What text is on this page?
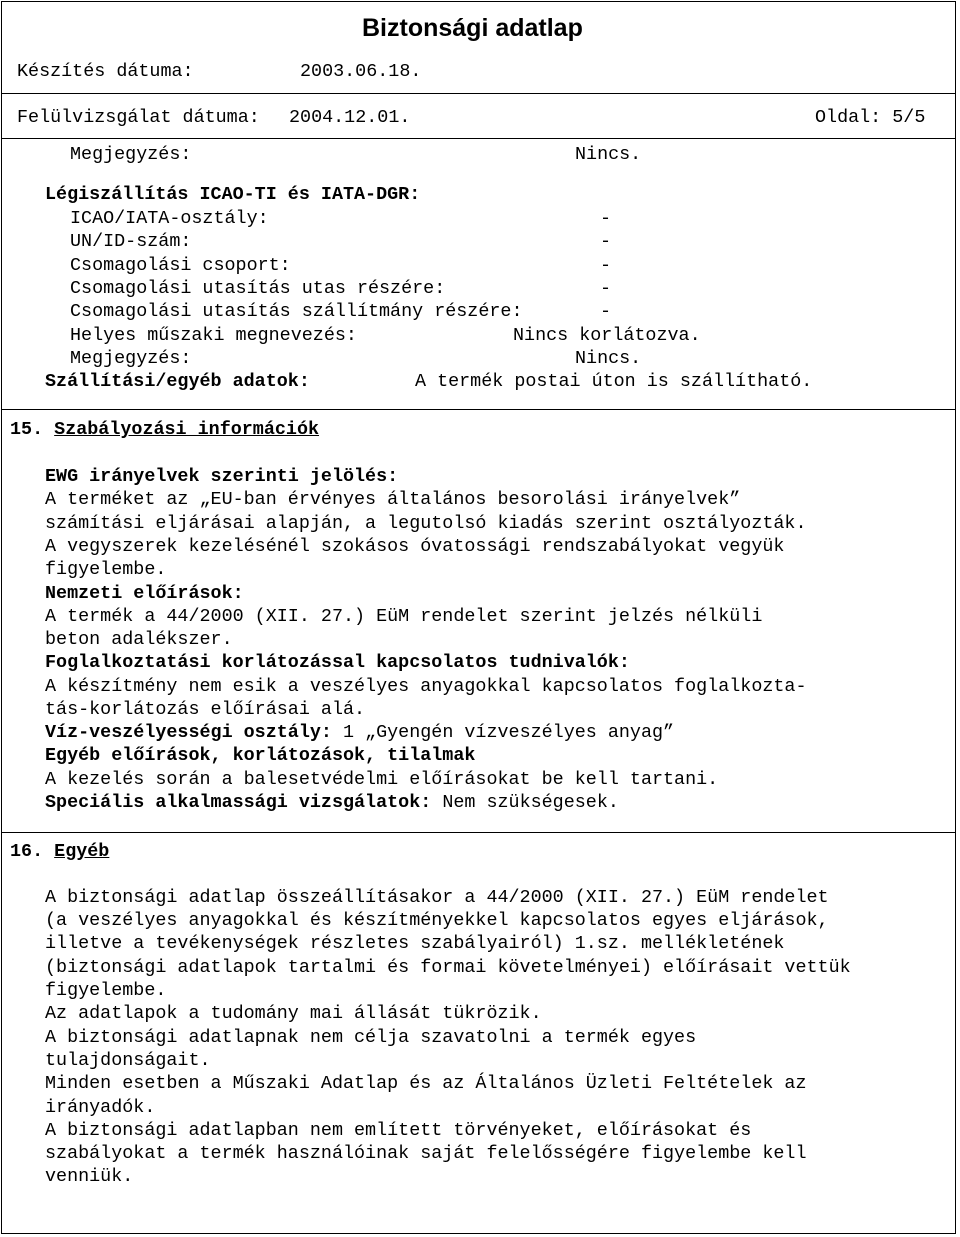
Biztonsági adatlap
Készítés dátuma:	2003.06.18.
Felülvizsgálat dátuma: 2004.12.01.	Oldal: 5/5
Megjegyzés:	Nincs.
Légiszállítás ICAO-TI és IATA-DGR:
ICAO/IATA-osztály:	-
UN/ID-szám:	-
Csomagolási csoport:	-
Csomagolási utasítás utas részére:	-
Csomagolási utasítás szállítmány részére:	-
Helyes műszaki megnevezés:	Nincs korlátozva.
Megjegyzés:	Nincs.
Szállítási/egyéb adatok:	A termék postai úton is szállítható.
15. Szabályozási információk
EWG irányelvek szerinti jelölés:
A terméket az „EU-ban érvényes általános besorolási irányelvek”
számítási eljárásai alapján, a legutolsó kiadás szerint osztályozták.
A vegyszerek kezelésénél szokásos óvatossági rendszabályokat vegyük
figyelembe.
Nemzeti előírások:
A termék a 44/2000 (XII. 27.) EüM rendelet szerint jelzés nélküli
beton adalékszer.
Foglalkoztatási korlátozással kapcsolatos tudnivalók:
A készítmény nem esik a veszélyes anyagokkal kapcsolatos foglalkozta-
tás-korlátozás előírásai alá.
Víz-veszélyességi osztály: 1 „Gyengén vízveszélyes anyag”
Egyéb előírások, korlátozások, tilalmak
A kezelés során a balesetvédelmi előírásokat be kell tartani.
Speciális alkalmassági vizsgálatok: Nem szükségesek.
16. Egyéb
A biztonsági adatlap összeállításakor a 44/2000 (XII. 27.) EüM rendelet
(a veszélyes anyagokkal és készítményekkel kapcsolatos egyes eljárások,
illetve a tevékenységek részletes szabályairól) 1.sz. mellékletének
(biztonsági adatlapok tartalmi és formai követelményei) előírásait vettük
figyelembe.
Az adatlapok a tudomány mai állását tükrözik.
A biztonsági adatlapnak nem célja szavatolni a termék egyes
tulajdonságait.
Minden esetben a Műszaki Adatlap és az Általános Üzleti Feltételek az
irányadók.
A biztonsági adatlapban nem említett törvényeket, előírásokat és
szabályokat a termék használóinak saját felelősségére figyelembe kell
venniük.
